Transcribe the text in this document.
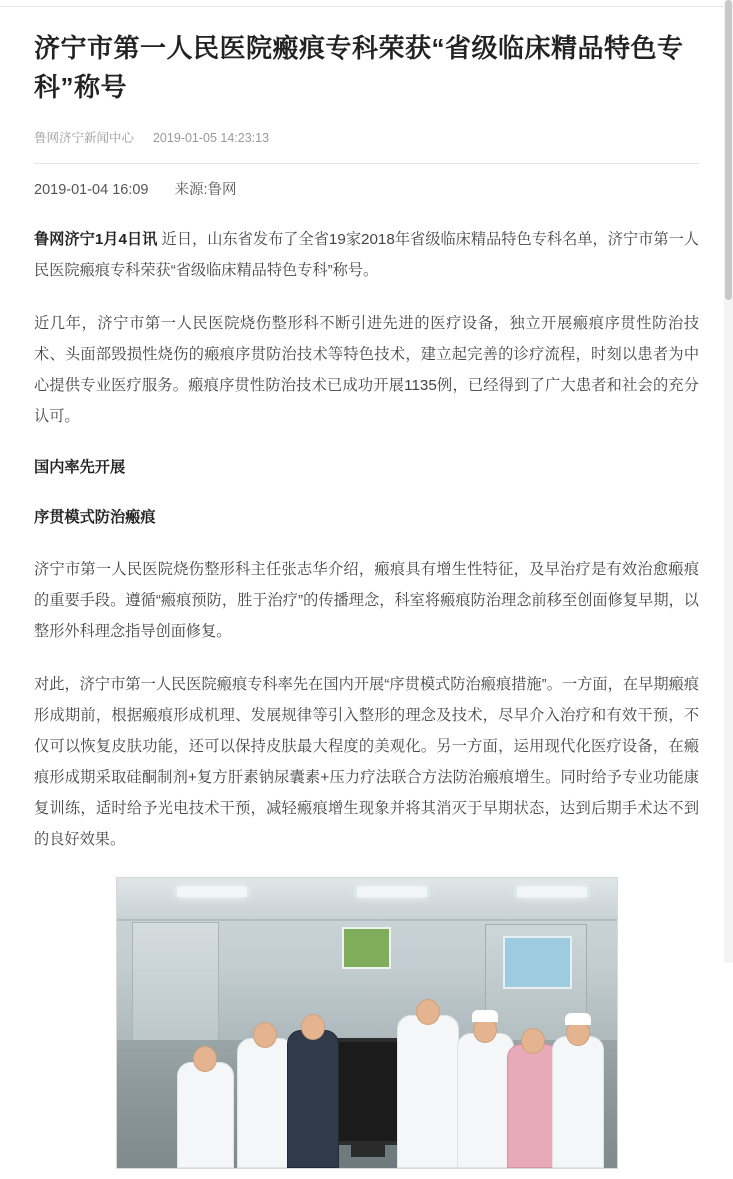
济宁市第一人民医院瘢痕专科荣获“省级临床精品特色专科”称号
鲁网济宁新闻中心 2019-01-05 14:23:13
2019-01-04 16:09 来源:鲁网

鲁网济宁1月4日讯 近日，山东省发布了全省19家2018年省级临床精品特色专科名单，济宁市第一人民医院瘢痕专科荣获“省级临床精品特色专科”称号。

近几年，济宁市第一人民医院烧伤整形科不断引进先进的医疗设备，独立开展瘢痕序贯性防治技术、头面部毁损性烧伤的瘢痕序贯防治技术等特色技术，建立起完善的诊疗流程，时刻以患者为中心提供专业医疗服务。瘢痕序贯性防治技术已成功开展1135例，已经得到了广大患者和社会的充分认可。

国内率先开展
序贯模式防治瘢痕

济宁市第一人民医院烧伤整形科主任张志华介绍，瘢痕具有增生性特征，及早治疗是有效治愈瘢痕的重要手段。遵循“瘢痕预防，胜于治疗”的传播理念，科室将瘢痕防治理念前移至创面修复早期，以整形外科理念指导创面修复。

对此，济宁市第一人民医院瘢痕专科率先在国内开展“序贯模式防治瘢痕措施”。一方面，在早期瘢痕形成期前，根据瘢痕形成机理、发展规律等引入整形的理念及技术，尽早介入治疗和有效干预，不仅可以恢复皮肤功能，还可以保持皮肤最大程度的美观化。另一方面，运用现代化医疗设备，在瘢痕形成期采取硅酮制剂+复方肝素钠尿囊素+压力疗法联合方法防治瘢痕增生。同时给予专业功能康复训练，适时给予光电技术干预，减轻瘢痕增生现象并将其消灭于早期状态，达到后期手术达不到的良好效果。
